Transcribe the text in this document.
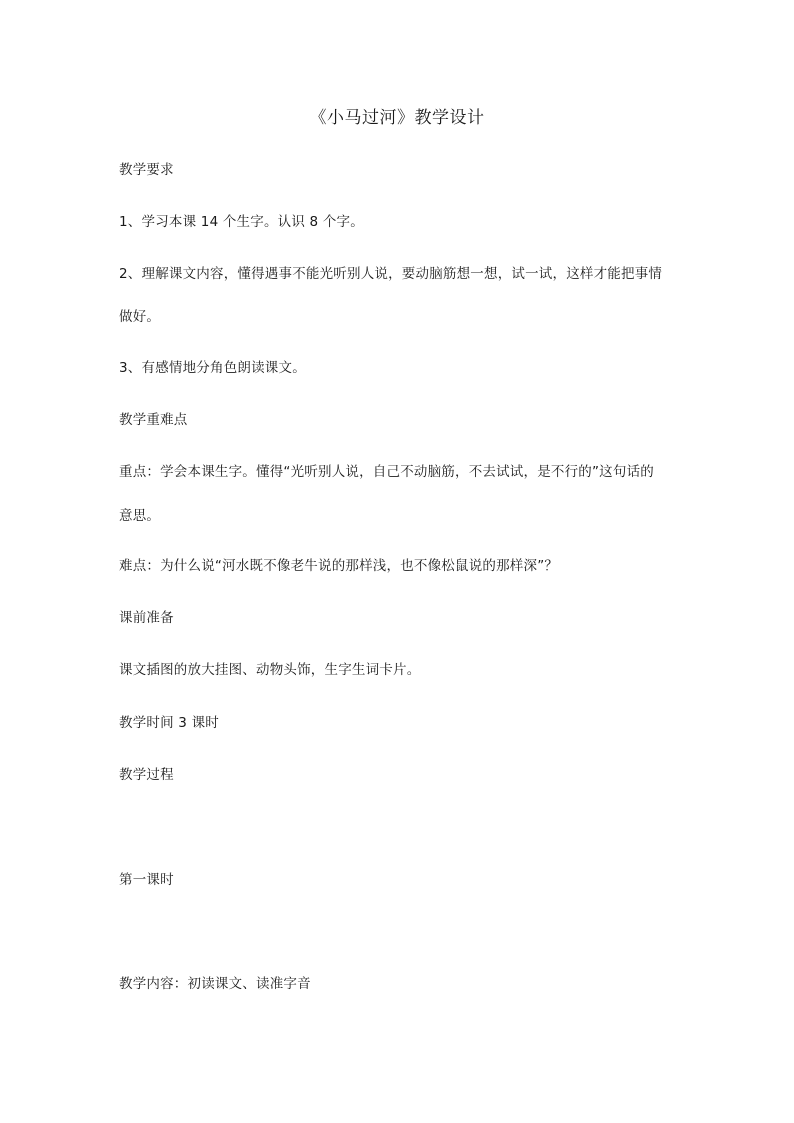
《小马过河》教学设计
教学要求
1、学习本课 14 个生字。认识 8 个字。
2、理解课文内容，懂得遇事不能光听别人说，要动脑筋想一想，试一试，这样才能把事情
做好。
3、有感情地分角色朗读课文。
教学重难点
重点：学会本课生字。懂得“光听别人说，自己不动脑筋，不去试试，是不行的”这句话的
意思。
难点：为什么说“河水既不像老牛说的那样浅，也不像松鼠说的那样深”？
课前准备
课文插图的放大挂图、动物头饰，生字生词卡片。
教学时间 3 课时
教学过程
第一课时
教学内容：初读课文、读准字音
